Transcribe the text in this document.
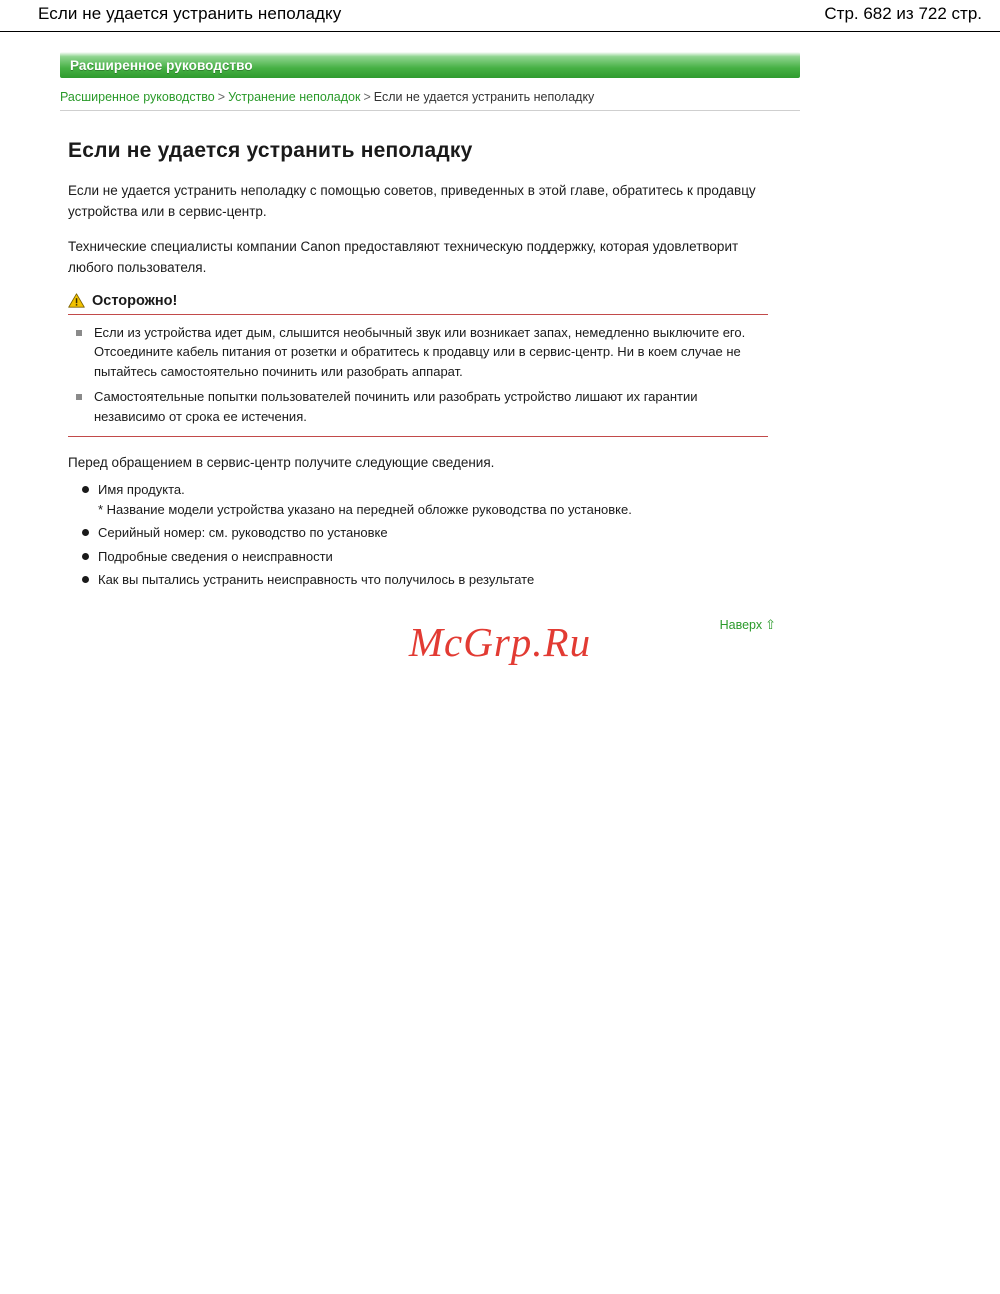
Если не удается устранить неполадку	Стр. 682 из 722 стр.
Расширенное руководство
Расширенное руководство > Устранение неполадок > Если не удается устранить неполадку
Если не удается устранить неполадку

Если не удается устранить неполадку с помощью советов, приведенных в этой главе, обратитесь к продавцу устройства или в сервис-центр.

Технические специалисты компании Canon предоставляют техническую поддержку, которая удовлетворит любого пользователя.

Осторожно!
Если из устройства идет дым, слышится необычный звук или возникает запах, немедленно выключите его. Отсоедините кабель питания от розетки и обратитесь к продавцу или в сервис-центр. Ни в коем случае не пытайтесь самостоятельно починить или разобрать аппарат.
Самостоятельные попытки пользователей починить или разобрать устройство лишают их гарантии независимо от срока ее истечения.
Перед обращением в сервис-центр получите следующие сведения.
Имя продукта.
* Название модели устройства указано на передней обложке руководства по установке.
Серийный номер: см. руководство по установке
Подробные сведения о неисправности
Как вы пытались устранить неисправность что получилось в результате
Наверх ⇧
McGrp.Ru
